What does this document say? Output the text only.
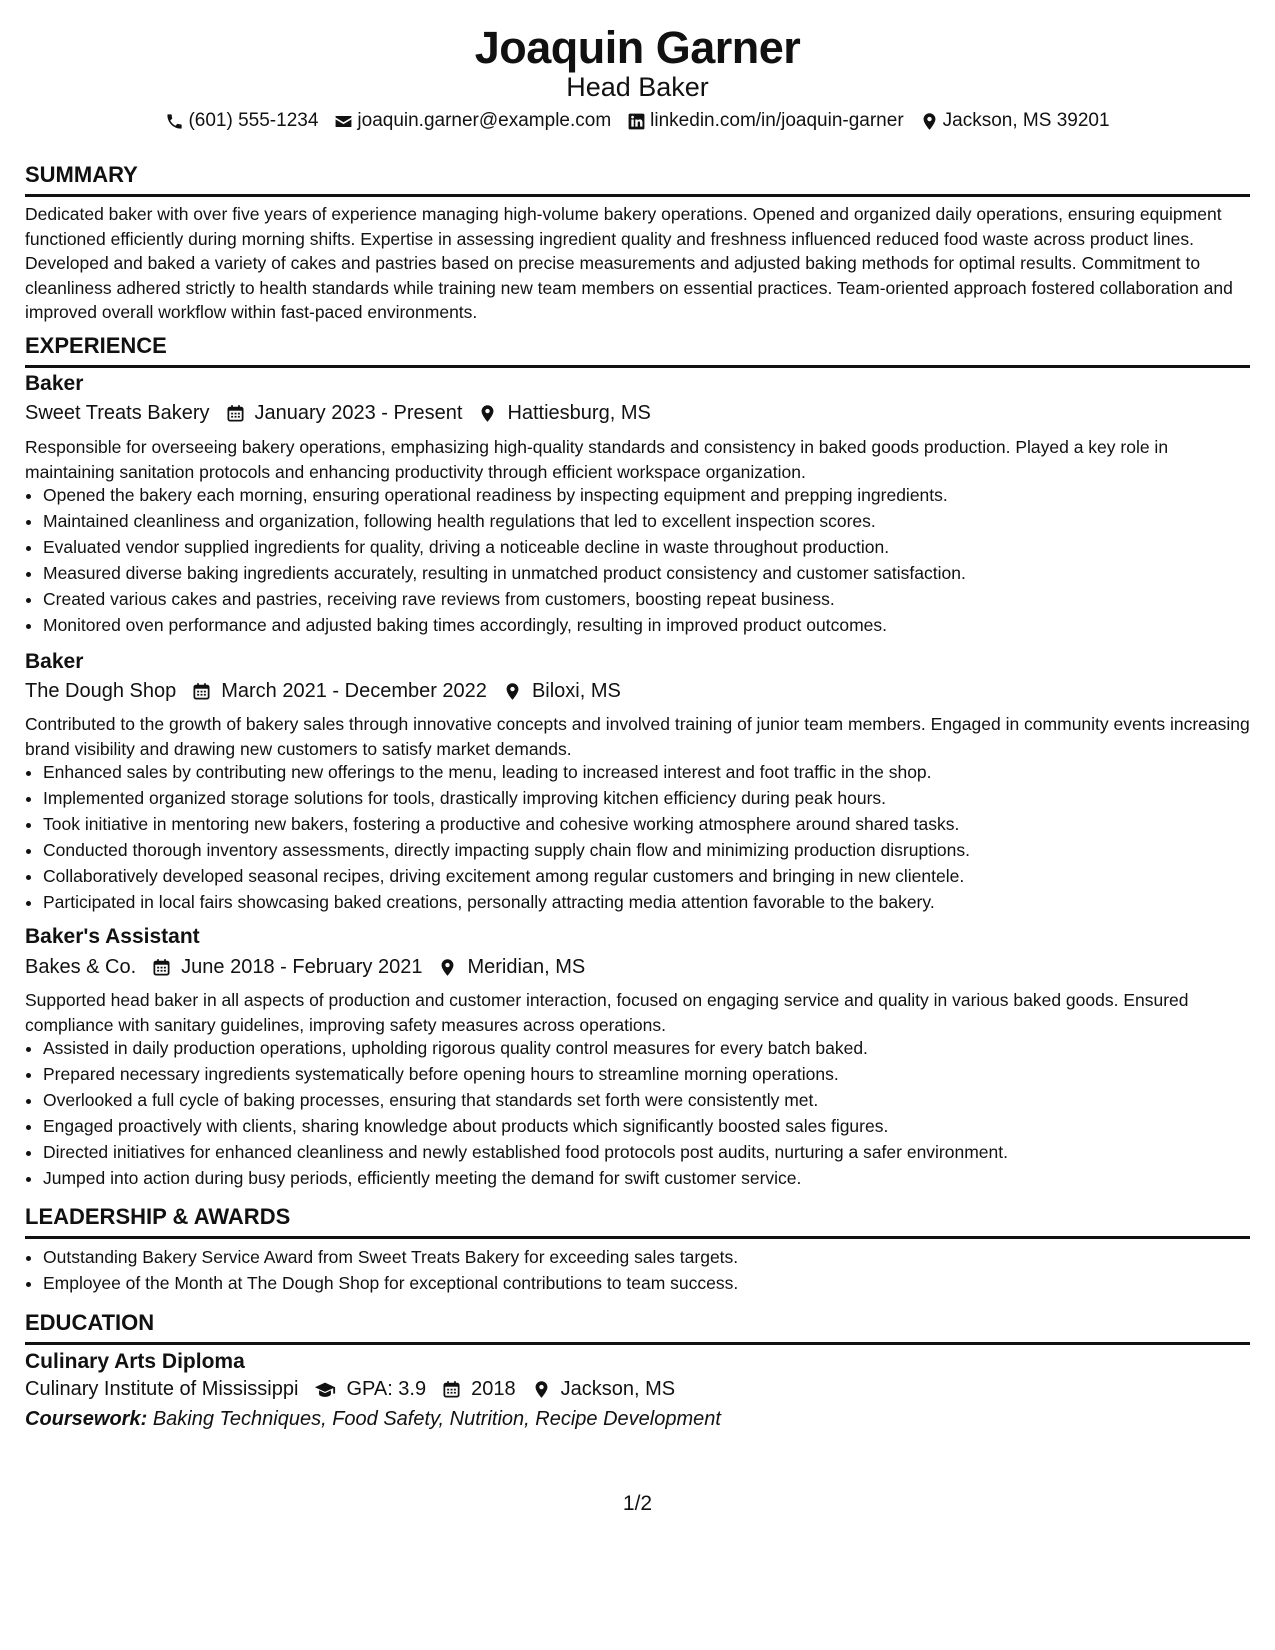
Joaquin Garner
Head Baker
(601) 555-1234 joaquin.garner@example.com linkedin.com/in/joaquin-garner Jackson, MS 39201
SUMMARY
Dedicated baker with over five years of experience managing high-volume bakery operations. Opened and organized daily operations, ensuring equipment functioned efficiently during morning shifts. Expertise in assessing ingredient quality and freshness influenced reduced food waste across product lines. Developed and baked a variety of cakes and pastries based on precise measurements and adjusted baking methods for optimal results. Commitment to cleanliness adhered strictly to health standards while training new team members on essential practices. Team-oriented approach fostered collaboration and improved overall workflow within fast-paced environments.
EXPERIENCE
Baker
Sweet Treats Bakery January 2023 - Present Hattiesburg, MS
Responsible for overseeing bakery operations, emphasizing high-quality standards and consistency in baked goods production. Played a key role in maintaining sanitation protocols and enhancing productivity through efficient workspace organization.
• Opened the bakery each morning, ensuring operational readiness by inspecting equipment and prepping ingredients.
• Maintained cleanliness and organization, following health regulations that led to excellent inspection scores.
• Evaluated vendor supplied ingredients for quality, driving a noticeable decline in waste throughout production.
• Measured diverse baking ingredients accurately, resulting in unmatched product consistency and customer satisfaction.
• Created various cakes and pastries, receiving rave reviews from customers, boosting repeat business.
• Monitored oven performance and adjusted baking times accordingly, resulting in improved product outcomes.
Baker
The Dough Shop March 2021 - December 2022 Biloxi, MS
Contributed to the growth of bakery sales through innovative concepts and involved training of junior team members. Engaged in community events increasing brand visibility and drawing new customers to satisfy market demands.
• Enhanced sales by contributing new offerings to the menu, leading to increased interest and foot traffic in the shop.
• Implemented organized storage solutions for tools, drastically improving kitchen efficiency during peak hours.
• Took initiative in mentoring new bakers, fostering a productive and cohesive working atmosphere around shared tasks.
• Conducted thorough inventory assessments, directly impacting supply chain flow and minimizing production disruptions.
• Collaboratively developed seasonal recipes, driving excitement among regular customers and bringing in new clientele.
• Participated in local fairs showcasing baked creations, personally attracting media attention favorable to the bakery.
Baker's Assistant
Bakes & Co. June 2018 - February 2021 Meridian, MS
Supported head baker in all aspects of production and customer interaction, focused on engaging service and quality in various baked goods. Ensured compliance with sanitary guidelines, improving safety measures across operations.
• Assisted in daily production operations, upholding rigorous quality control measures for every batch baked.
• Prepared necessary ingredients systematically before opening hours to streamline morning operations.
• Overlooked a full cycle of baking processes, ensuring that standards set forth were consistently met.
• Engaged proactively with clients, sharing knowledge about products which significantly boosted sales figures.
• Directed initiatives for enhanced cleanliness and newly established food protocols post audits, nurturing a safer environment.
• Jumped into action during busy periods, efficiently meeting the demand for swift customer service.
LEADERSHIP & AWARDS
• Outstanding Bakery Service Award from Sweet Treats Bakery for exceeding sales targets.
• Employee of the Month at The Dough Shop for exceptional contributions to team success.
EDUCATION
Culinary Arts Diploma
Culinary Institute of Mississippi GPA: 3.9 2018 Jackson, MS
Coursework: Baking Techniques, Food Safety, Nutrition, Recipe Development
1/2
